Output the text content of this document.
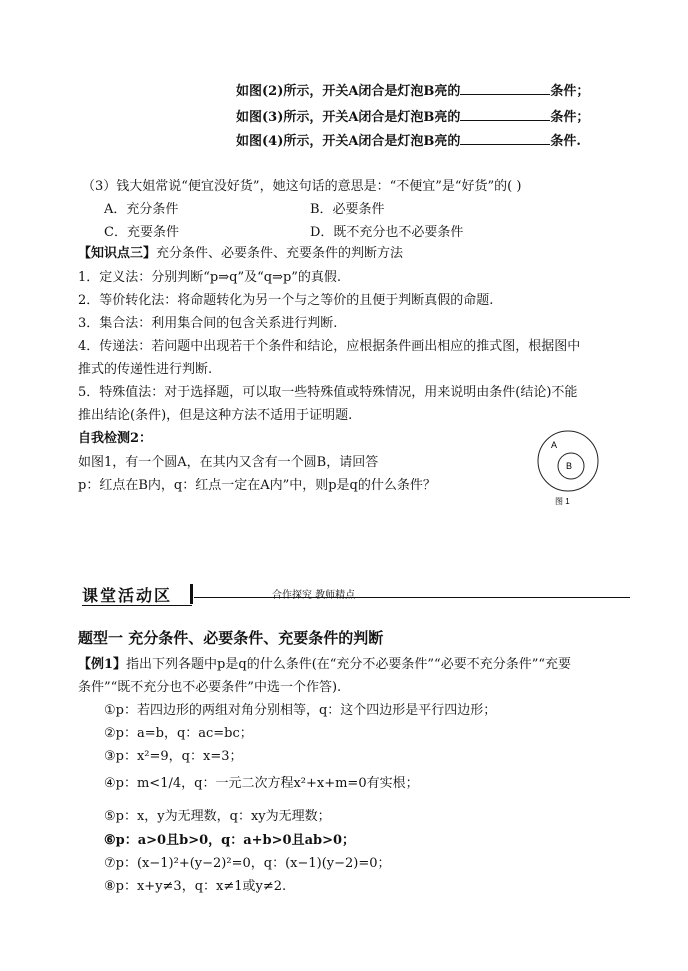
如图(2)所示，开关A闭合是灯泡B亮的	条件；
如图(3)所示，开关A闭合是灯泡B亮的	条件；
如图(4)所示，开关A闭合是灯泡B亮的	条件.
（3）钱大姐常说“便宜没好货”，她这句话的意思是：“不便宜”是“好货”的( )
A．充分条件	B．必要条件
C．充要条件	D．既不充分也不必要条件
【知识点三】充分条件、必要条件、充要条件的判断方法
1．定义法：分别判断“p⇒q”及“q⇒p”的真假.
2．等价转化法：将命题转化为另一个与之等价的且便于判断真假的命题.
3．集合法：利用集合间的包含关系进行判断.
4．传递法：若问题中出现若干个条件和结论，应根据条件画出相应的推式图，根据图中
推式的传递性进行判断.
5．特殊值法：对于选择题，可以取一些特殊值或特殊情况，用来说明由条件(结论)不能
推出结论(条件)，但是这种方法不适用于证明题.
自我检测2：
如图1，有一个圆A，在其内又含有一个圆B，请回答
p：红点在B内，q：红点一定在A内”中，则p是q的什么条件？
A
B
图 1
课堂活动区	合作探究 教师精点
题型一 充分条件、必要条件、充要条件的判断
【例1】指出下列各题中p是q的什么条件(在“充分不必要条件”“必要不充分条件”“充要
条件”“既不充分也不必要条件”中选一个作答).
①p：若四边形的两组对角分别相等，q：这个四边形是平行四边形；
②p：a=b，q：ac=bc；
③p：x²=9，q：x=3；
④p：m<1/4，q：一元二次方程x²+x+m=0有实根；
⑤p：x，y为无理数，q：xy为无理数；
⑥p：a>0且b>0，q：a+b>0且ab>0；
⑦p：(x−1)²+(y−2)²=0，q：(x−1)(y−2)=0；
⑧p：x+y≠3，q：x≠1或y≠2.
